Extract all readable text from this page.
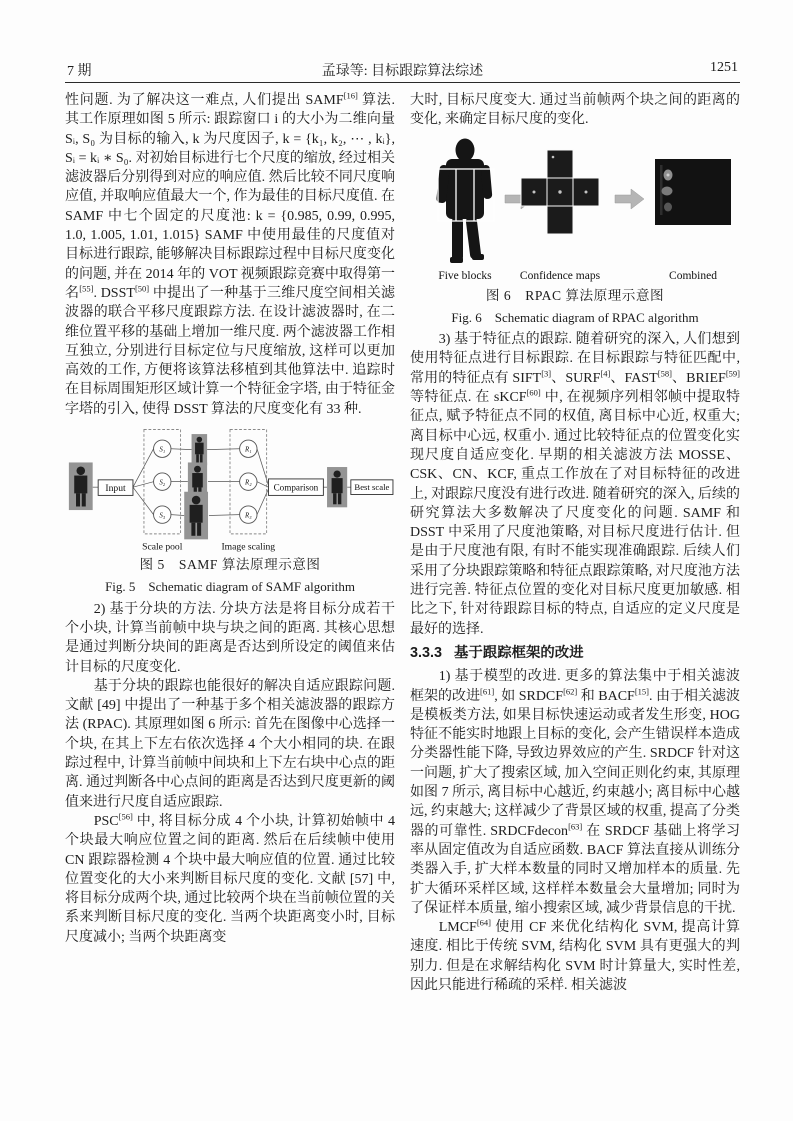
7 期	孟琭等: 目标跟踪算法综述	1251

性问题. 为了解决这一难点, 人们提出 SAMF[16] 算法. 其工作原理如图 5 所示: 跟踪窗口 i 的大小为二维向量 Sᵢ, S₀ 为目标的输入, k 为尺度因子, k = {k₁, k₂, ⋯ , kᵢ}, Sᵢ = kᵢ ∗ S₀. 对初始目标进行七个尺度的缩放, 经过相关滤波器后分别得到对应的响应值. 然后比较不同尺度响应值, 并取响应值最大一个, 作为最佳的目标尺度值. 在 SAMF 中七个固定的尺度池: k = {0.985, 0.99, 0.995, 1.0, 1.005, 1.01, 1.015} SAMF 中使用最佳的尺度值对目标进行跟踪, 能够解决目标跟踪过程中目标尺度变化的问题, 并在 2014 年的 VOT 视频跟踪竞赛中取得第一名[55]. DSST[50] 中提出了一种基于三维尺度空间相关滤波器的联合平移尺度跟踪方法. 在设计滤波器时, 在二维位置平移的基础上增加一维尺度. 两个滤波器工作相互独立, 分别进行目标定位与尺度缩放, 这样可以更加高效的工作, 方便将该算法移植到其他算法中. 追踪时在目标周围矩形区域计算一个特征金字塔, 由于特征金字塔的引入, 使得 DSST 算法的尺度变化有 33 种.

Input
S₁
S₂
S₃
R₁
R₂
R₃
Comparison	Best scale
Scale pool	Image scaling
图 5　SAMF 算法原理示意图
Fig. 5　Schematic diagram of SAMF algorithm

2) 基于分块的方法. 分块方法是将目标分成若干个小块, 计算当前帧中块与块之间的距离. 其核心思想是通过判断分块间的距离是否达到所设定的阈值来估计目标的尺度变化.

基于分块的跟踪也能很好的解决自适应跟踪问题. 文献 [49] 中提出了一种基于多个相关滤波器的跟踪方法 (RPAC). 其原理如图 6 所示: 首先在图像中心选择一个块, 在其上下左右依次选择 4 个大小相同的块. 在跟踪过程中, 计算当前帧中间块和上下左右块中心点的距离. 通过判断各中心点间的距离是否达到尺度更新的阈值来进行尺度自适应跟踪.

PSC[56] 中, 将目标分成 4 个小块, 计算初始帧中 4 个块最大响应位置之间的距离. 然后在后续帧中使用 CN 跟踪器检测 4 个块中最大响应值的位置. 通过比较位置变化的大小来判断目标尺度的变化. 文献 [57] 中, 将目标分成两个块, 通过比较两个块在当前帧位置的关系来判断目标尺度的变化. 当两个块距离变小时, 目标尺度减小; 当两个块距离变

大时, 目标尺度变大. 通过当前帧两个块之间的距离的变化, 来确定目标尺度的变化.

Five blocks Confidence maps	Combined
图 6　RPAC 算法原理示意图
Fig. 6　Schematic diagram of RPAC algorithm

3) 基于特征点的跟踪. 随着研究的深入, 人们想到使用特征点进行目标跟踪. 在目标跟踪与特征匹配中, 常用的特征点有 SIFT[3]、SURF[4]、FAST[58]、BRIEF[59] 等特征点. 在 sKCF[60] 中, 在视频序列相邻帧中提取特征点, 赋予特征点不同的权值, 离目标中心近, 权重大; 离目标中心远, 权重小. 通过比较特征点的位置变化实现尺度自适应变化. 早期的相关滤波方法 MOSSE、CSK、CN、KCF, 重点工作放在了对目标特征的改进上, 对跟踪尺度没有进行改进. 随着研究的深入, 后续的研究算法大多数解决了尺度变化的问题. SAMF 和 DSST 中采用了尺度池策略, 对目标尺度进行估计. 但是由于尺度池有限, 有时不能实现准确跟踪. 后续人们采用了分块跟踪策略和特征点跟踪策略, 对尺度池方法进行完善. 特征点位置的变化对目标尺度更加敏感. 相比之下, 针对待跟踪目标的特点, 自适应的定义尺度是最好的选择.

3.3.3 基于跟踪框架的改进

1) 基于模型的改进. 更多的算法集中于相关滤波框架的改进[61], 如 SRDCF[62] 和 BACF[15]. 由于相关滤波是模板类方法, 如果目标快速运动或者发生形变, HOG 特征不能实时地跟上目标的变化, 会产生错误样本造成分类器性能下降, 导致边界效应的产生. SRDCF 针对这一问题, 扩大了搜索区域, 加入空间正则化约束, 其原理如图 7 所示, 离目标中心越近, 约束越小; 离目标中心越远, 约束越大; 这样减少了背景区域的权重, 提高了分类器的可靠性. SRDCFdecon[63] 在 SRDCF 基础上将学习率从固定值改为自适应函数. BACF 算法直接从训练分类器入手, 扩大样本数量的同时又增加样本的质量. 先扩大循环采样区域, 这样样本数量会大量增加; 同时为了保证样本质量, 缩小搜索区域, 减少背景信息的干扰.

LMCF[64] 使用 CF 来优化结构化 SVM, 提高计算速度. 相比于传统 SVM, 结构化 SVM 具有更强大的判别力. 但是在求解结构化 SVM 时计算量大, 实时性差, 因此只能进行稀疏的采样. 相关滤波
